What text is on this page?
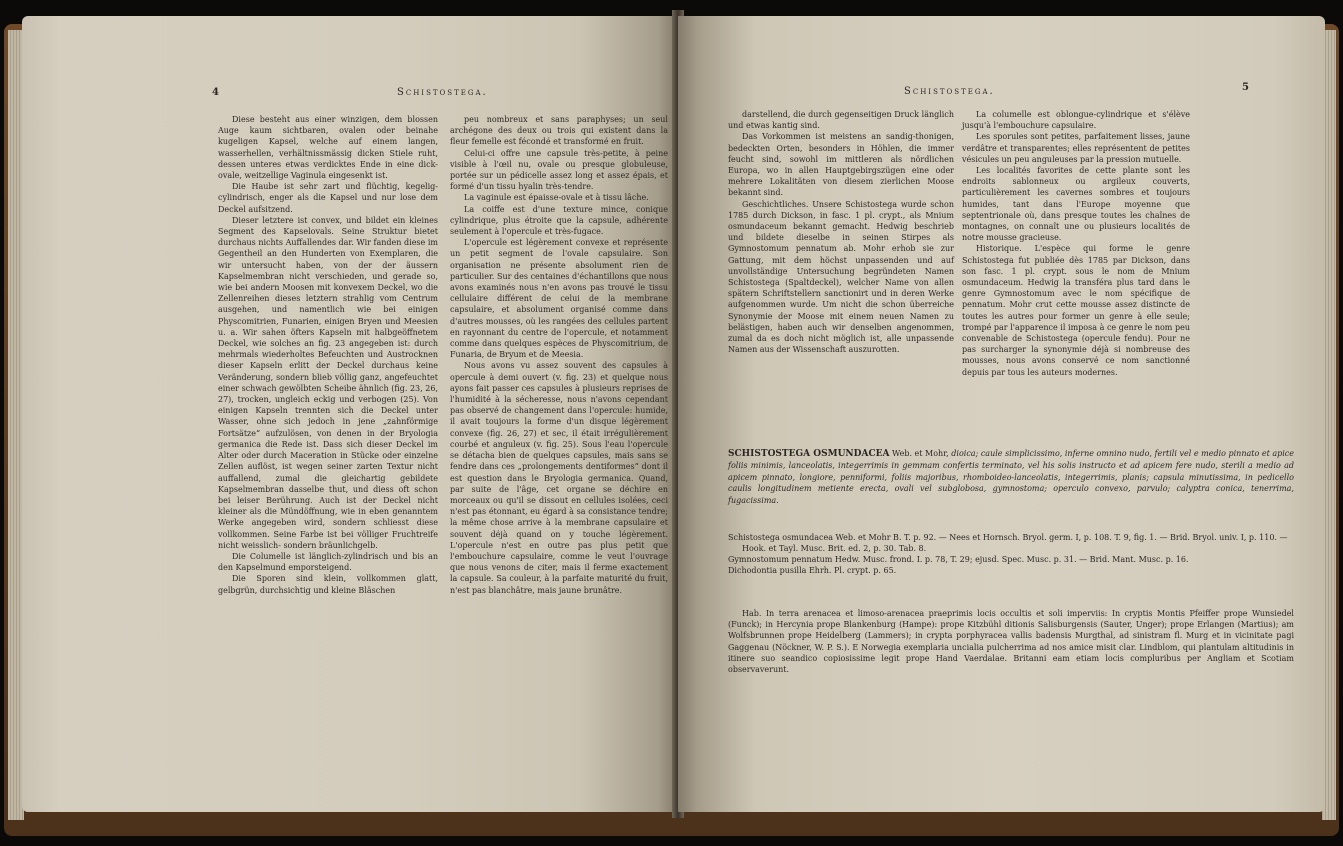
4	Schistostega.

Diese besteht aus einer winzigen, dem blossen Auge kaum sichtbaren, ovalen oder beinahe kugeligen Kapsel, welche auf einem langen, wasserhellen, verhältnissmässig dicken Stiele ruht, dessen unteres etwas verdicktes Ende in eine dick-ovale, weitzellige Vaginula eingesenkt ist.

Die Haube ist sehr zart und flüchtig, kegelig-cylindrisch, enger als die Kapsel und nur lose dem Deckel aufsitzend.

Dieser letztere ist convex, und bildet ein kleines Segment des Kapselovals. Seine Struktur bietet durchaus nichts Auffallendes dar. Wir fanden diese im Gegentheil an den Hunderten von Exemplaren, die wir untersucht haben, von der der äussern Kapselmembran nicht verschieden, und gerade so, wie bei andern Moosen mit konvexem Deckel, wo die Zellenreihen dieses letztern strahlig vom Centrum ausgehen, und namentlich wie bei einigen Physcomitrien, Funarien, einigen Bryen und Meesien u. a. Wir sahen öfters Kapseln mit halbgeöffnetem Deckel, wie solches an fig. 23 angegeben ist: durch mehrmals wiederholtes Befeuchten und Austrocknen dieser Kapseln erlitt der Deckel durchaus keine Veränderung, sondern blieb völlig ganz, angefeuchtet einer schwach gewölbten Scheibe ähnlich (fig. 23, 26, 27), trocken, ungleich eckig und verbogen (25). Von einigen Kapseln trennten sich die Deckel unter Wasser, ohne sich jedoch in jene „zahnförmige Fortsätze“ aufzulösen, von denen in der Bryologia germanica die Rede ist. Dass sich dieser Deckel im Alter oder durch Maceration in Stücke oder einzelne Zellen auflöst, ist wegen seiner zarten Textur nicht auffallend, zumal die gleichartig gebildete Kapselmembran dasselbe thut, und diess oft schon bei leiser Berührung. Auch ist der Deckel nicht kleiner als die Mündöffnung, wie in eben genanntem Werke angegeben wird, sondern schliesst diese vollkommen. Seine Farbe ist bei völliger Fruchtreife nicht weisslich- sondern bräunlichgelb.

Die Columelle ist länglich-zylindrisch und bis an den Kapselmund emporsteigend.

Die Sporen sind klein, vollkommen glatt, gelbgrün, durchsichtig und kleine Bläschen

peu nombreux et sans paraphyses; un seul archégone des deux ou trois qui existent dans la fleur femelle est fécondé et transformé en fruit.

Celui-ci offre une capsule très-petite, à peine visible à l'œil nu, ovale ou presque globuleuse, portée sur un pédicelle assez long et assez épais, et formé d'un tissu hyalin très-tendre.

La vaginule est épaisse-ovale et à tissu lâche.

La coiffe est d'une texture mince, conique cylindrique, plus étroite que la capsule, adhérente seulement à l'opercule et très-fugace.

L'opercule est légèrement convexe et représente un petit segment de l'ovale capsulaire. Son organisation ne présente absolument rien de particulier. Sur des centaines d'échantillons que nous avons examinés nous n'en avons pas trouvé le tissu cellulaire différent de celui de la membrane capsulaire, et absolument organisé comme dans d'autres mousses, où les rangées des cellules partent en rayonnant du centre de l'opercule, et notamment comme dans quelques espèces de Physcomitrium, de Funaria, de Bryum et de Meesia.

Nous avons vu assez souvent des capsules à opercule à demi ouvert (v. fig. 23) et quelque nous ayons fait passer ces capsules à plusieurs reprises de l'humidité à la sécheresse, nous n'avons cependant pas observé de changement dans l'opercule: humide, il avait toujours la forme d'un disque légèrement convexe (fig. 26, 27) et sec, il était irrégulièrement courbé et anguleux (v. fig. 25). Sous l'eau l'opercule se détacha bien de quelques capsules, mais sans se fendre dans ces „prolongements dentiformes“ dont il est question dans le Bryologia germanica. Quand, par suite de l'âge, cet organe se déchire en morceaux ou qu'il se dissout en cellules isolées, ceci n'est pas étonnant, eu égard à sa consistance tendre; la même chose arrive à la membrane capsulaire et souvent déjà quand on y touche légèrement. L'opercule n'est en outre pas plus petit que l'embouchure capsulaire, comme le veut l'ouvrage que nous venons de citer, mais il ferme exactement la capsule. Sa couleur, à la parfaite maturité du fruit, n'est pas blanchâtre, mais jaune brunâtre.

Schistostega.	5

darstellend, die durch gegenseitigen Druck länglich und etwas kantig sind.

Das Vorkommen ist meistens an sandig-thonigen, bedeckten Orten, besonders in Höhlen, die immer feucht sind, sowohl im mittleren als nördlichen Europa, wo in allen Hauptgebirgszügen eine oder mehrere Lokalitäten von diesem zierlichen Moose bekannt sind.

Geschichtliches. Unsere Schistostega wurde schon 1785 durch Dickson, in fasc. 1 pl. crypt., als Mnium osmundaceum bekannt gemacht. Hedwig beschrieb und bildete dieselbe in seinen Stirpes als Gymnostomum pennatum ab. Mohr erhob sie zur Gattung, mit dem höchst unpassenden und auf unvollständige Untersuchung begründeten Namen Schistostega (Spaltdeckel), welcher Name von allen spätern Schriftstellern sanctionirt und in deren Werke aufgenommen wurde. Um nicht die schon überreiche Synonymie der Moose mit einem neuen Namen zu belästigen, haben auch wir denselben angenommen, zumal da es doch nicht möglich ist, alle unpassende Namen aus der Wissenschaft auszurotten.

La columelle est oblongue-cylindrique et s'élève jusqu'à l'embouchure capsulaire.

Les sporules sont petites, parfaitement lisses, jaune verdâtre et transparentes; elles représentent de petites vésicules un peu anguleuses par la pression mutuelle.

Les localités favorites de cette plante sont les endroits sablonneux ou argileux couverts, particulièrement les cavernes sombres et toujours humides, tant dans l'Europe moyenne que septentrionale où, dans presque toutes les chaînes de montagnes, on connaît une ou plusieurs localités de notre mousse gracieuse.

Historique. L'espèce qui forme le genre Schistostega fut publiée dès 1785 par Dickson, dans son fasc. 1 pl. crypt. sous le nom de Mnium osmundaceum. Hedwig la transféra plus tard dans le genre Gymnostomum avec le nom spécifique de pennatum. Mohr crut cette mousse assez distincte de toutes les autres pour former un genre à elle seule; trompé par l'apparence il imposa à ce genre le nom peu convenable de Schistostega (opercule fendu). Pour ne pas surcharger la synonymie déjà si nombreuse des mousses, nous avons conservé ce nom sanctionné depuis par tous les auteurs modernes.

SCHISTOSTEGA OSMUNDACEA Web. et Mohr, dioica; caule simplicissimo, inferne omnino nudo, fertili vel e medio pinnato et apice foliis minimis, lanceolatis, integerrimis in gemmam confertis terminato, vel his solis instructo et ad apicem fere nudo, sterili a medio ad apicem pinnato, longiore, penniformi, foliis majoribus, rhomboideo-lanceolatis, integerrimis, planis; capsula minutissima, in pedicello caulis longitudinem metiente erecta, ovali vel subglobosa, gymnostoma; operculo convexo, parvulo; calyptra conica, tenerrima, fugacissima.

Schistostega osmundacea Web. et Mohr B. T. p. 92. — Nees et Hornsch. Bryol. germ. I, p. 108. T. 9, fig. 1. — Brid. Bryol. univ. I, p. 110. — Hook. et Tayl. Musc. Brit. ed. 2, p. 30. Tab. 8.

Gymnostomum pennatum Hedw. Musc. frond. I. p. 78, T. 29; ejusd. Spec. Musc. p. 31. — Brid. Mant. Musc. p. 16.

Dichodontia pusilla Ehrh. Pl. crypt. p. 65.

Hab. In terra arenacea et limoso-arenacea praeprimis locis occultis et soli imperviis: In cryptis Montis Pfeiffer prope Wunsiedel (Funck); in Hercynia prope Blankenburg (Hampe): prope Kitzbühl ditionis Salisburgensis (Sauter, Unger); prope Erlangen (Martius); am Wolfsbrunnen prope Heidelberg (Lammers); in crypta porphyracea vallis badensis Murgthal, ad sinistram fl. Murg et in vicinitate pagi Gaggenau (Nöckner, W. P. S.). E Norwegia exemplaria uncialia pulcherrima ad nos amice misit clar. Lindblom, qui plantulam altitudinis in itinere suo seandico copiosissime legit prope Hand Vaerdalae. Britanni eam etiam locis compluribus per Angliam et Scotiam observaverunt.
